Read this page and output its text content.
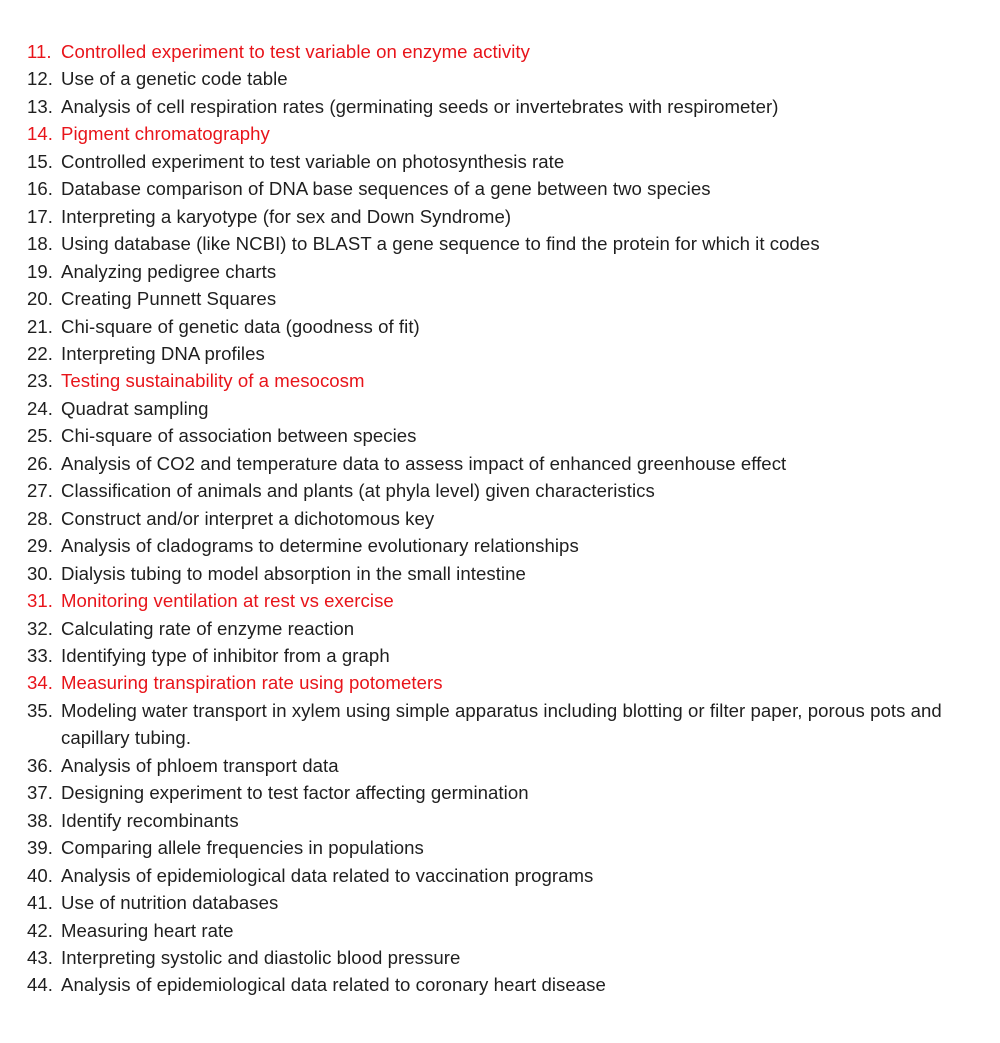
11. Controlled experiment to test variable on enzyme activity
12. Use of a genetic code table
13. Analysis of cell respiration rates (germinating seeds or invertebrates with respirometer)
14. Pigment chromatography
15. Controlled experiment to test variable on photosynthesis rate
16. Database comparison of DNA base sequences of a gene between two species
17. Interpreting a karyotype (for sex and Down Syndrome)
18. Using database (like NCBI) to BLAST a gene sequence to find the protein for which it codes
19. Analyzing pedigree charts
20. Creating Punnett Squares
21. Chi-square of genetic data (goodness of fit)
22. Interpreting DNA profiles
23. Testing sustainability of a mesocosm
24. Quadrat sampling
25. Chi-square of association between species
26. Analysis of CO2 and temperature data to assess impact of enhanced greenhouse effect
27. Classification of animals and plants (at phyla level) given characteristics
28. Construct and/or interpret a dichotomous key
29. Analysis of cladograms to determine evolutionary relationships
30. Dialysis tubing to model absorption in the small intestine
31. Monitoring ventilation at rest vs exercise
32. Calculating rate of enzyme reaction
33. Identifying type of inhibitor from a graph
34. Measuring transpiration rate using potometers
35. Modeling water transport in xylem using simple apparatus including blotting or filter paper, porous pots and capillary tubing.
36. Analysis of phloem transport data
37. Designing experiment to test factor affecting germination
38. Identify recombinants
39. Comparing allele frequencies in populations
40. Analysis of epidemiological data related to vaccination programs
41. Use of nutrition databases
42. Measuring heart rate
43. Interpreting systolic and diastolic blood pressure
44. Analysis of epidemiological data related to coronary heart disease
